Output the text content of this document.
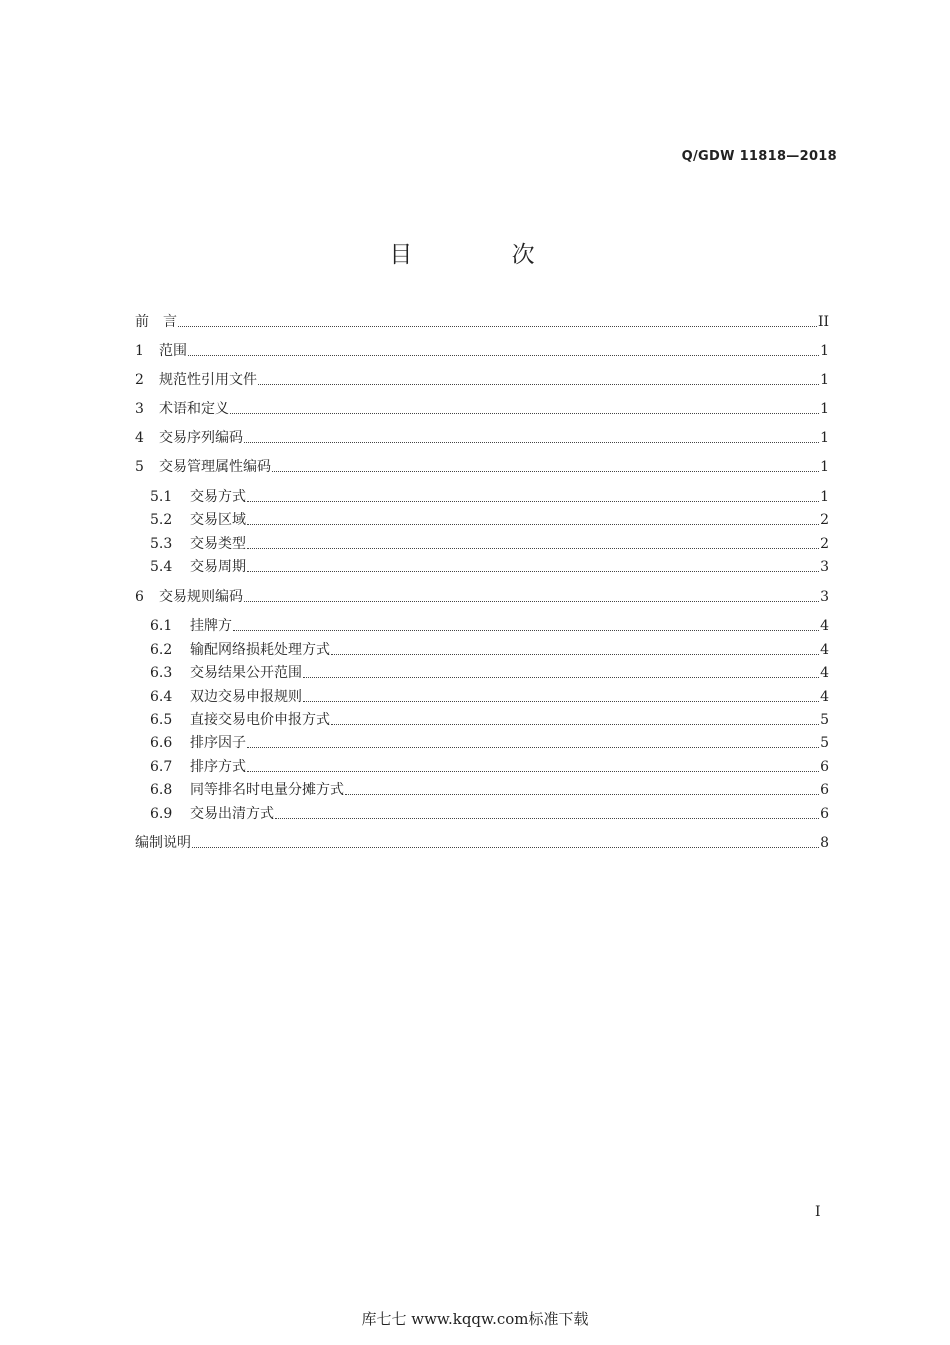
Q/GDW 11818—2018
目 次
前　言	II
1	范围	1
2	规范性引用文件	1
3	术语和定义	1
4	交易序列编码	1
5	交易管理属性编码	1
5.1	交易方式	1
5.2	交易区域	2
5.3	交易类型	2
5.4	交易周期	3
6	交易规则编码	3
6.1	挂牌方	4
6.2	输配网络损耗处理方式	4
6.3	交易结果公开范围	4
6.4	双边交易申报规则	4
6.5	直接交易电价申报方式	5
6.6	排序因子	5
6.7	排序方式	6
6.8	同等排名时电量分摊方式	6
6.9	交易出清方式	6
编制说明	8
I
库七七 www.kqqw.com标准下载
